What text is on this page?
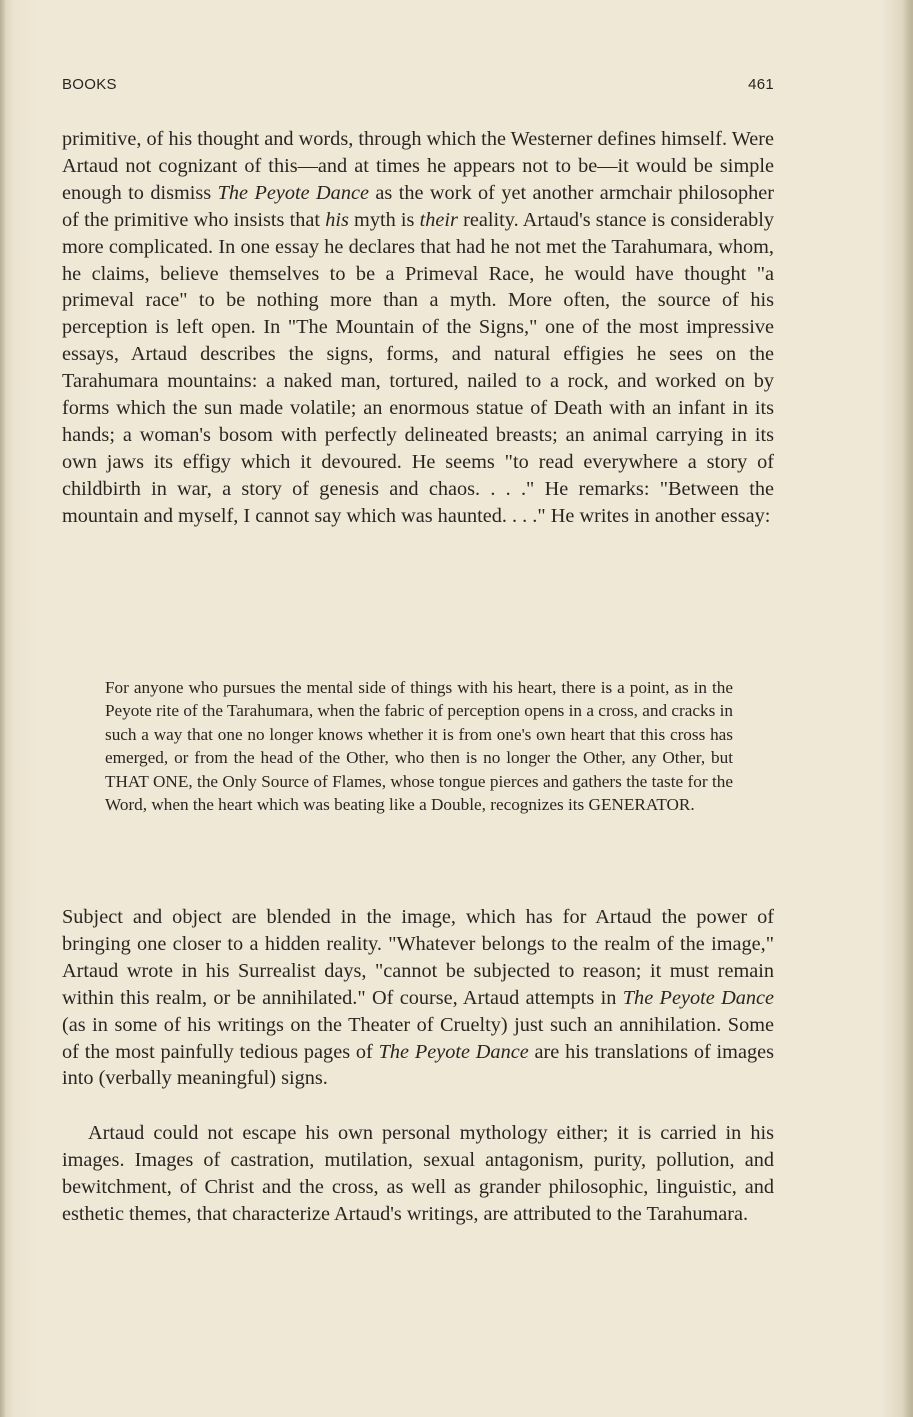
BOOKS	461

primitive, of his thought and words, through which the Westerner defines himself. Were Artaud not cognizant of this—and at times he appears not to be—it would be simple enough to dismiss The Peyote Dance as the work of yet another armchair philosopher of the primitive who insists that his myth is their reality. Artaud's stance is considerably more complicated. In one essay he declares that had he not met the Tarahumara, whom, he claims, believe themselves to be a Primeval Race, he would have thought "a primeval race" to be nothing more than a myth. More often, the source of his perception is left open. In "The Mountain of the Signs," one of the most impressive essays, Artaud describes the signs, forms, and natural effigies he sees on the Tarahumara mountains: a naked man, tortured, nailed to a rock, and worked on by forms which the sun made volatile; an enormous statue of Death with an infant in its hands; a woman's bosom with perfectly delineated breasts; an animal carrying in its own jaws its effigy which it devoured. He seems "to read everywhere a story of childbirth in war, a story of genesis and chaos. . . ." He remarks: "Between the mountain and myself, I cannot say which was haunted. . . ." He writes in another essay:

For anyone who pursues the mental side of things with his heart, there is a point, as in the Peyote rite of the Tarahumara, when the fabric of perception opens in a cross, and cracks in such a way that one no longer knows whether it is from one's own heart that this cross has emerged, or from the head of the Other, who then is no longer the Other, any Other, but THAT ONE, the Only Source of Flames, whose tongue pierces and gathers the taste for the Word, when the heart which was beating like a Double, recognizes its GENERATOR.

Subject and object are blended in the image, which has for Artaud the power of bringing one closer to a hidden reality. "Whatever belongs to the realm of the image," Artaud wrote in his Surrealist days, "cannot be subjected to reason; it must remain within this realm, or be annihilated." Of course, Artaud attempts in The Peyote Dance (as in some of his writings on the Theater of Cruelty) just such an annihilation. Some of the most painfully tedious pages of The Peyote Dance are his translations of images into (verbally meaningful) signs.

Artaud could not escape his own personal mythology either; it is carried in his images. Images of castration, mutilation, sexual antagonism, purity, pollution, and bewitchment, of Christ and the cross, as well as grander philosophic, linguistic, and esthetic themes, that characterize Artaud's writings, are attributed to the Tarahumara.
